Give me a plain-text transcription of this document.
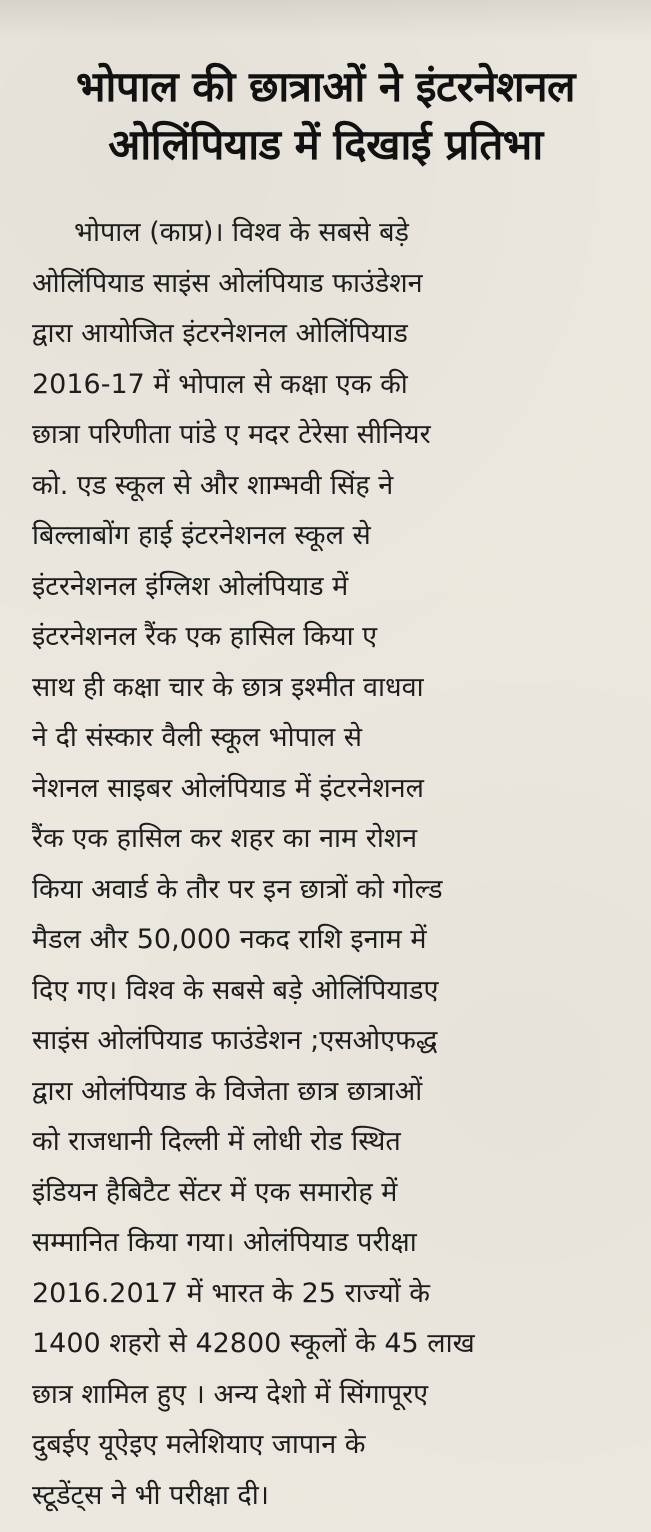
भोपाल की छात्राओं ने इंटरनेशनल
ओलिंपियाड में दिखाई प्रतिभा
भोपाल (काप्र)। विश्व के सबसे बड़े
ओलिंपियाड साइंस ओलंपियाड फाउंडेशन
द्वारा आयोजित इंटरनेशनल ओलिंपियाड
2016-17 में भोपाल से कक्षा एक की
छात्रा परिणीता पांडे ए मदर टेरेसा सीनियर
को. एड स्कूल से और शाम्भवी सिंह ने
बिल्लाबोंग हाई इंटरनेशनल स्कूल से
इंटरनेशनल इंग्लिश ओलंपियाड में
इंटरनेशनल रैंक एक हासिल किया ए
साथ ही कक्षा चार के छात्र इश्मीत वाधवा
ने दी संस्कार वैली स्कूल भोपाल से
नेशनल साइबर ओलंपियाड में इंटरनेशनल
रैंक एक हासिल कर शहर का नाम रोशन
किया अवार्ड के तौर पर इन छात्रों को गोल्ड
मैडल और 50,000 नकद राशि इनाम में
दिए गए। विश्व के सबसे बड़े ओलिंपियाडए
साइंस ओलंपियाड फाउंडेशन ;एसओएफद्ध
द्वारा ओलंपियाड के विजेता छात्र छात्राओं
को राजधानी दिल्ली में लोधी रोड स्थित
इंडियन हैबिटैट सेंटर में एक समारोह में
सम्मानित किया गया। ओलंपियाड परीक्षा
2016.2017 में भारत के 25 राज्यों के
1400 शहरो से 42800 स्कूलों के 45 लाख
छात्र शामिल हुए । अन्य देशो में सिंगापूरए
दुबईए यूऐइए मलेशियाए जापान के
स्टूडेंट्स ने भी परीक्षा दी।
